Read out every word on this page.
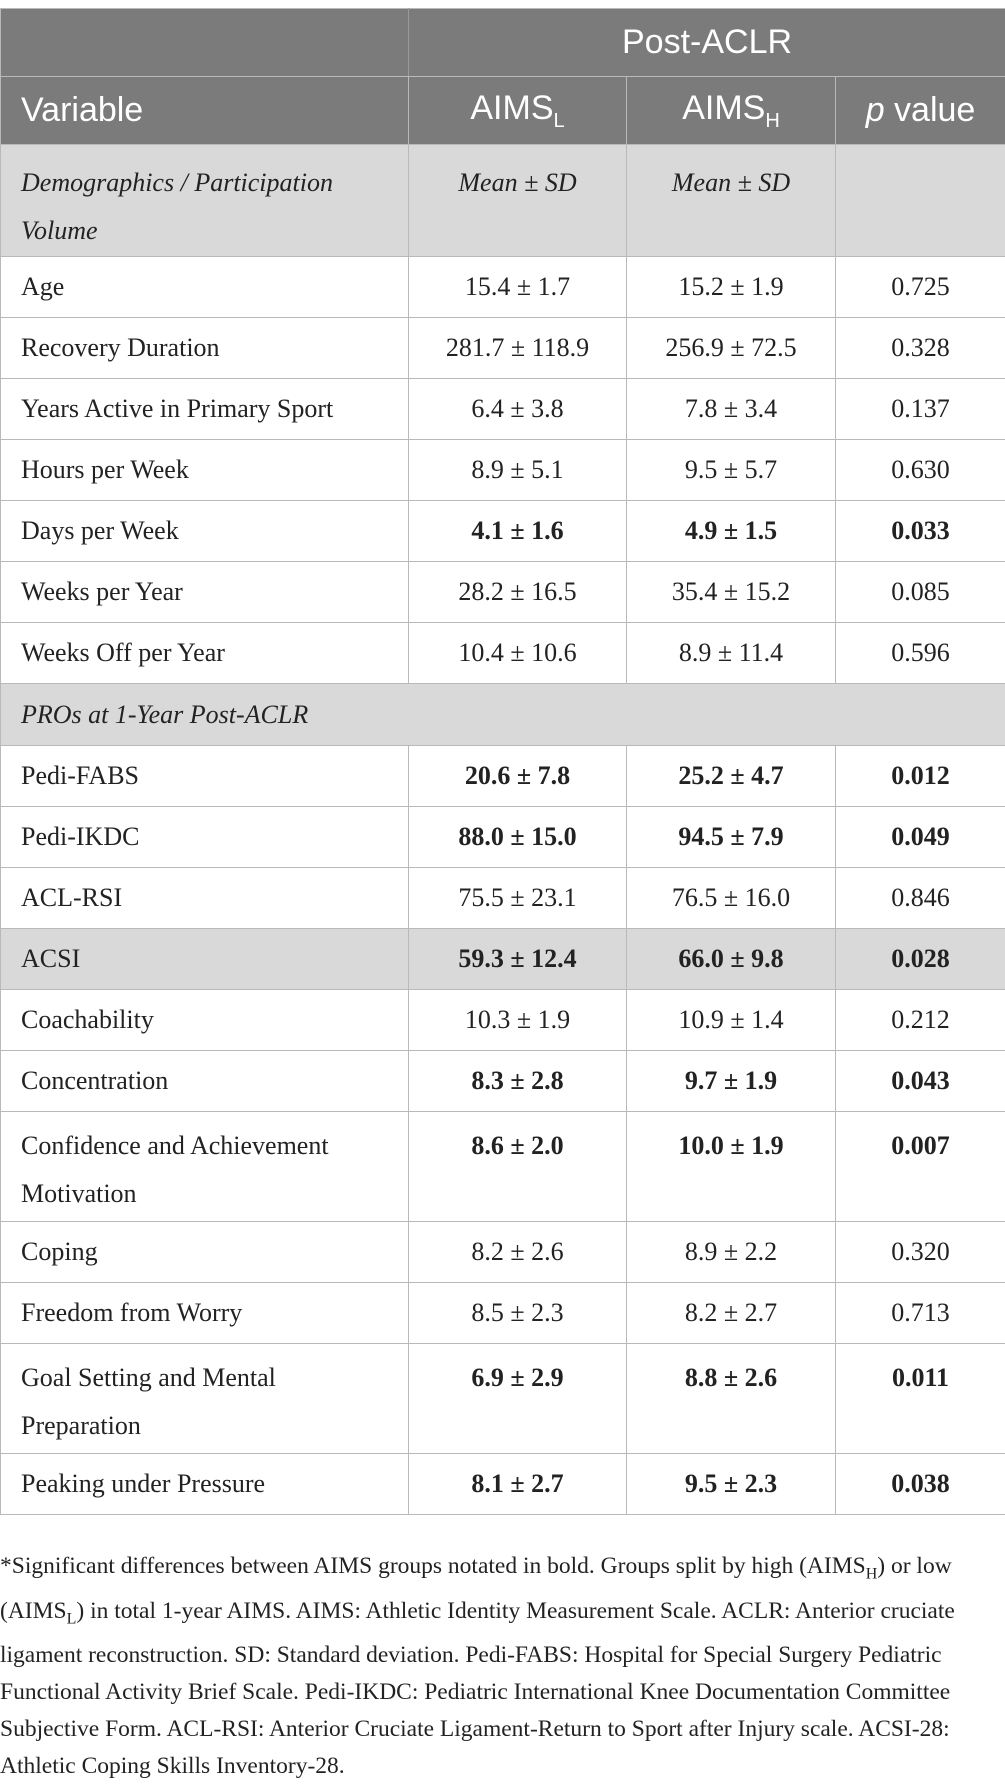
	Post-ACLR		
Variable	$AIMS_L$	$AIMS_H$	p value
Demographics / Participation Volume	Mean ± SD	Mean ± SD	
Age	15.4 ± 1.7	15.2 ± 1.9	0.725
Recovery Duration	281.7 ± 118.9	256.9 ± 72.5	0.328
Years Active in Primary Sport	6.4 ± 3.8	7.8 ± 3.4	0.137
Hours per Week	8.9 ± 5.1	9.5 ± 5.7	0.630
Days per Week	4.1 ± 1.6	4.9 ± 1.5	0.033
Weeks per Year	28.2 ± 16.5	35.4 ± 15.2	0.085
Weeks Off per Year	10.4 ± 10.6	8.9 ± 11.4	0.596
PROs at 1-Year Post-ACLR			
Pedi-FABS	20.6 ± 7.8	25.2 ± 4.7	0.012
Pedi-IKDC	88.0 ± 15.0	94.5 ± 7.9	0.049
ACL-RSI	75.5 ± 23.1	76.5 ± 16.0	0.846
ACSI	59.3 ± 12.4	66.0 ± 9.8	0.028
Coachability	10.3 ± 1.9	10.9 ± 1.4	0.212
Concentration	8.3 ± 2.8	9.7 ± 1.9	0.043
Confidence and Achievement Motivation	8.6 ± 2.0	10.0 ± 1.9	0.007
Coping	8.2 ± 2.6	8.9 ± 2.2	0.320
Freedom from Worry	8.5 ± 2.3	8.2 ± 2.7	0.713
Goal Setting and Mental Preparation	6.9 ± 2.9	8.8 ± 2.6	0.011
Peaking under Pressure	8.1 ± 2.7	9.5 ± 2.3	0.038

*Significant differences between AIMS groups notated in bold. Groups split by high $(AIMS_H)$ or low $(AIMS_L)$ in total 1-year AIMS. AIMS: Athletic Identity Measurement Scale. ACLR: Anterior cruciate ligament reconstruction. SD: Standard deviation. Pedi-FABS: Hospital for Special Surgery Pediatric Functional Activity Brief Scale. Pedi-IKDC: Pediatric International Knee Documentation Committee Subjective Form. ACL-RSI: Anterior Cruciate Ligament-Return to Sport after Injury scale. ACSI-28: Athletic Coping Skills Inventory-28.
